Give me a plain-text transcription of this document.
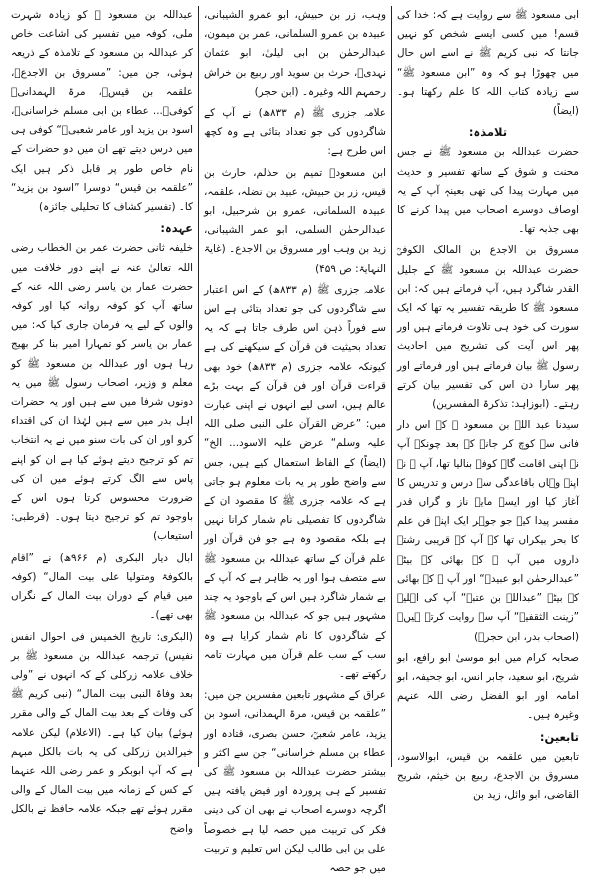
ابی مسعود ﷺ سے روایت ہے کہ: خدا کی قسم! میں کسی ایسے شخص کو نہیں جانتا کہ نبی کریم ﷺ نے اسے اس حال میں چھوڑا ہو کہ وہ ”ابن مسعود ﷺ“ سے زیادہ کتاب اللہ کا علم رکھتا ہو۔ (ایضاً)

تلامذہ:

حضرت عبداللہ بن مسعود ﷺ نے جس محنت و شوق کے ساتھ تفسیر و حدیث میں مہارت پیدا کی تھی بعینہٖ آپ کے یہ اوصاف دوسرے اصحاب میں پیدا کرنے کا بھی جذبہ تھا۔

مسروق بن الاجدع بن المالک الکوفیؒ حضرت عبداللہ بن مسعود ﷺ کے جلیل القدر شاگرد ہیں، آپ فرماتے ہیں کہ: ابن مسعود ﷺ کا طریقہ تفسیر یہ تھا کہ ایک سورت کی خود ہی تلاوت فرماتے ہیں اور پھر اس آیت کی تشریح میں احادیث رسول ﷺ بیان فرماتے ہیں اور فرماتے اور پھر سارا دن اس کی تفسیر بیان کرتے رہتے۔ (ابوزاہد: تذکرۃ المفسرین)

سیدنا عبد اللہ بن مسعود ﷺ کے اس دار فانی سے کوچ کر جانے کے بعد چونکہ آپ نے اپنی اقامت گاہ کوفہ بنالیا تھا، آپ ﷺ نے اپنے وہاں باقاعدگی سے درس و تدریس کا آغاز کیا اور ایسے مایہ ناز و گراں قدر مفسر پیدا کیے جو جوہر ایک اپنے فن علم کا بحر بیکراں تھا کہ آپ کے قریبی رشتہ داروں میں آپ ﷺ کے بھائی کے بیٹے ”عبدالرحمٰن ابو عبیدہ“ اور آپ ﷺ کے بھائی کے بیٹے ”عبداللہ بن عتبہ“ آپ کی اہلیہ ”زینت الثقفیہ“ آپ سے روایت کرتے ہیں۔ (اصحاب بدر، ابن حجرؒ)

صحابہ کرام میں ابو موسیٰ ابو رافع، ابو شریح، ابو سعید، جابر انس، ابو جحیفہ، ابو امامہ اور ابو الفضل رضی اللہ عنہم وغیرہ ہیں۔

تابعین:

تابعین میں علقمہ بن قیس، ابوالاسود، مسروق بن الاجدع، ربیع بن خیثم، شریح القاضی، ابو وائل، زید بن

وہب، زر بن حبیش، ابو عمرو الشیبانی، عبیدہ بن عمرو السلمانی، عمر بن میمون، عبدالرحمٰن بن ابی لیلیٰ، ابو عثمان نہدیؒ، حرث بن سوید اور ربیع بن خراش رحمہم اللہ وغیرہ۔ (ابن حجر)

علامہ جزری ﷺ (م ۸۳۳ھ) نے آپ کے شاگردوں کی جو تعداد بتائی ہے وہ کچھ اس طرح ہے:

ابن مسعودؓ تمیم بن حذلم، حارث بن قیس، زر بن حبیش، عبید بن نضلہ، علقمہ، عبیدہ السلمانی، عمرو بن شرحبیل، ابو عبدالرحمٰن السلمی، ابو عمر الشیبانی، زید بن وہب اور مسروق بن الاجدع۔ (غایۃ النہایۃ: ص ۴۵۹)

علامہ جزری ﷺ (م ۸۳۳ھ) کے اس اعتبار سے شاگردوں کی جو تعداد بتائی ہے اس سے فوراً ذہن اس طرف جاتا ہے کہ یہ تعداد بحیثیت فن قرآن کے سیکھنے کی ہے کیونکہ علامہ جزری (م ۸۳۳ھ) خود بھی قراءت قرآن اور فن قرآن کے بہت بڑے عالم ہیں، اسی لیے انہوں نے اپنی عبارت میں: ”عرض القرآن علی النبی صلی اللہ علیہ وسلم“ عرض علیہ الاسود... الخ“ (ایضاً) کے الفاظ استعمال کیے ہیں، جس سے واضح طور پر یہ بات معلوم ہو جاتی ہے کہ علامہ جزری ﷺ کا مقصود ان کے شاگردوں کا تفصیلی نام شمار کرانا نہیں ہے بلکہ مقصود وہ ہے جو فن قرآن اور علم قرآن کے ساتھ عبداللہ بن مسعود ﷺ سے متصف ہوا اور یہ ظاہر ہے کہ آپ کے بے شمار شاگرد ہیں اس کے باوجود یہ چند مشہور ہیں جو کہ عبداللہ بن مسعود ﷺ کے شاگردوں کا نام شمار کرایا ہے وہ سب کے سب علم قرآن میں مہارت تامہ رکھتے تھے۔

عراق کے مشہور تابعین مفسرین جن میں: ”علقمہ بن قیس، مرۃ الہمدانی، اسود بن یزید، عامر شعبیؒ، حسن بصری، قتادہ اور عطاء بن مسلم خراسانی“ جن سے اکثر و بیشتر حضرت عبداللہ بن مسعود ﷺ کی تفسیر کے ہی پروردہ اور فیض یافتہ ہیں اگرچہ دوسرے اصحاب نے بھی ان کی دینی فکر کی تربیت میں حصہ لیا ہے خصوصاً علی بن ابی طالب لیکن اس تعلیم و تربیت میں جو حصہ

عبداللہ بن مسعود ﷺ کو زیادہ شہرت ملی، کوفہ میں تفسیر کی اشاعت خاص کر عبداللہ بن مسعود کے تلامذہ کے ذریعہ ہوئی، جن میں: ”مسروق بن الاجدعؒ، علقمہ بن قیسؒ، مرۃ الہمدانیؒ کوفیؒ... عطاء بن ابی مسلم خراسانیؒ، اسود بن یزید اور عامر شعبیؒ“ کوفی ہی میں درس دیتے تھے ان میں دو حضرات کے نام خاص طور پر قابل ذکر ہیں ایک ”علقمہ بن قیس“ دوسرا ”اسود بن یزید“ کا۔ (تفسیر کشاف کا تحلیلی جائزہ)

عہدہ:

خلیفہ ثانی حضرت عمر بن الخطاب رضی اللہ تعالیٰ عنہ نے اپنے دور خلافت میں حضرت عمار بن یاسر رضی اللہ عنہ کے ساتھ آپ کو کوفہ روانہ کیا اور کوفہ والوں کے لیے یہ فرمان جاری کیا کہ: میں عمار بن یاسر کو تمہارا امیر بنا کر بھیج رہا ہوں اور عبداللہ بن مسعود ﷺ کو معلم و وزیر، اصحاب رسول ﷺ میں یہ دونوں شرفا میں سے ہیں اور یہ حضرات اہل بدر میں سے ہیں لہٰذا ان کی اقتداء کرو اور ان کی بات سنو میں نے یہ انتخاب تم کو ترجیح دیتے ہوئے کیا ہے ان کو اپنے پاس سے الگ کرتے ہوئے میں ان کی ضرورت محسوس کرتا ہوں اس کے باوجود تم کو ترجیح دیتا ہوں۔ (قرطبی: استیعاب)

ابال دیار البکری (م ۹۶۶ھ) نے ”اقام بالکوفۃ ومتولیا علی بیت المال“ (کوفہ میں قیام کے دوران بیت المال کے نگراں بھی تھے)۔

(البکری: تاریخ الخمیس فی احوال انفس نفیس) ترجمہ عبداللہ بن مسعود ﷺ بر خلاف علامہ زرکلی کے کہ انہوں نے ”ولی بعد وفاۃ النبی بیت المال“ (نبی کریم ﷺ کی وفات کے بعد بیت المال کے والی مقرر ہوئے) بیان کیا ہے۔ (الاعلام) لیکن علامہ خیرالدین زرکلی کی یہ بات بالکل مبہم ہے کہ آپ ابوبکر و عمر رضی اللہ عنہما کے کس کے زمانہ میں بیت المال کے والی مقرر ہوئے تھے جبکہ علامہ حافظ نے بالکل واضح
